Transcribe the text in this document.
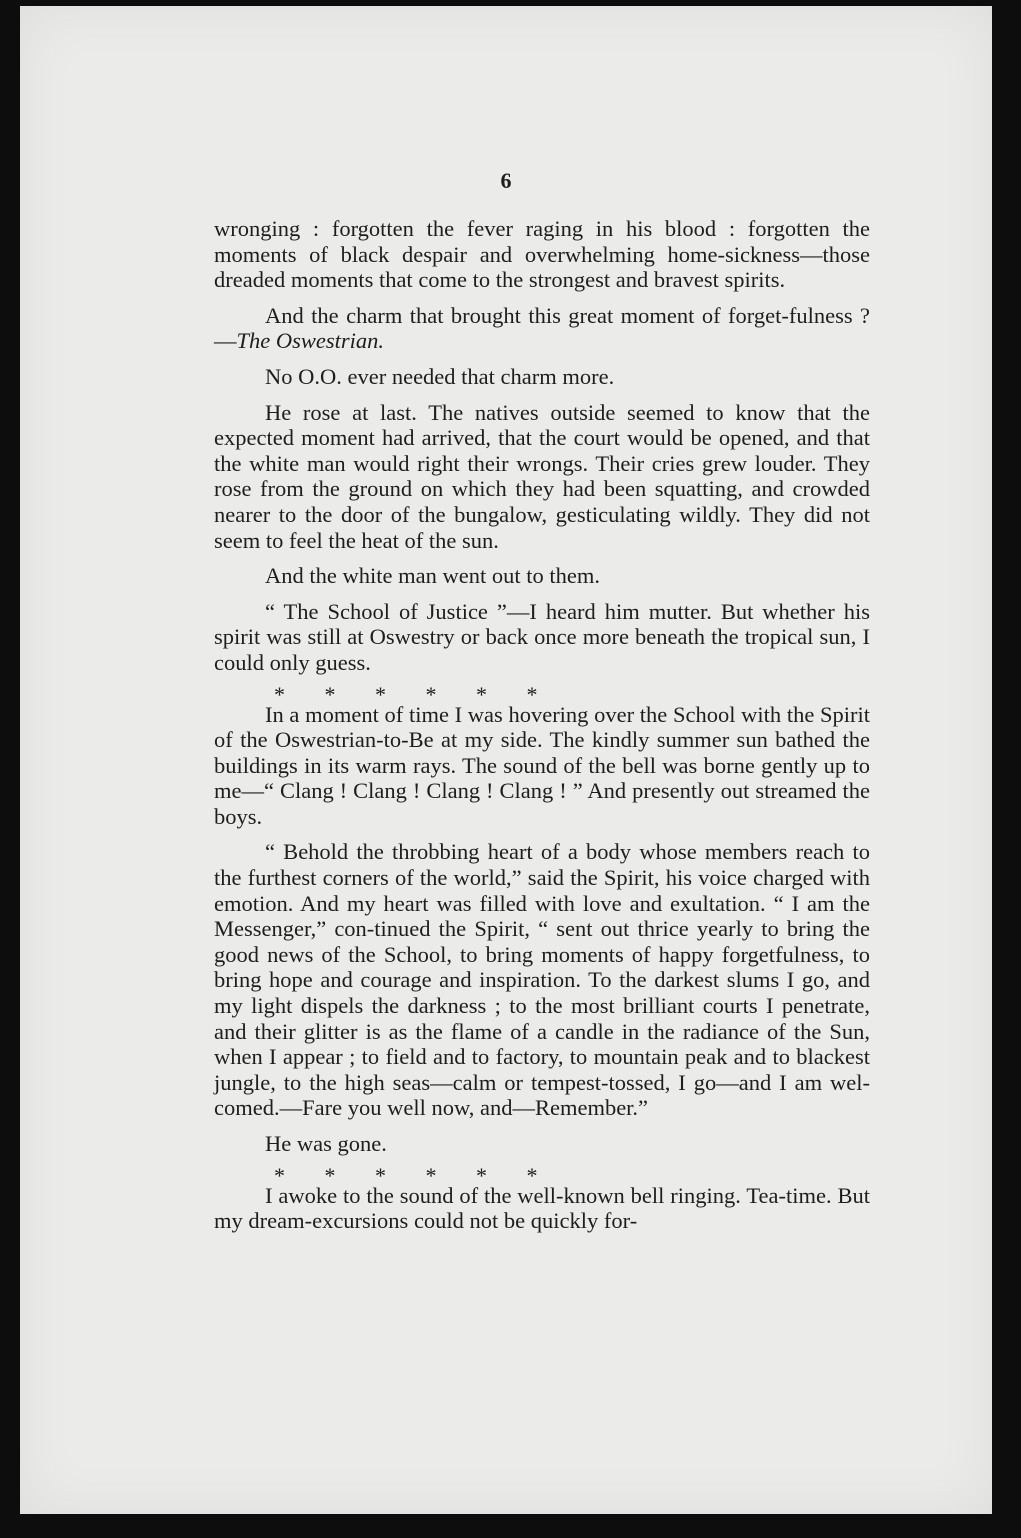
6

wronging : forgotten the fever raging in his blood : forgotten the moments of black despair and overwhelming home-sickness—those dreaded moments that come to the strongest and bravest spirits.

And the charm that brought this great moment of forget-fulness ?—The Oswestrian.

No O.O. ever needed that charm more.

He rose at last. The natives outside seemed to know that the expected moment had arrived, that the court would be opened, and that the white man would right their wrongs. Their cries grew louder. They rose from the ground on which they had been squatting, and crowded nearer to the door of the bungalow, gesticulating wildly. They did not seem to feel the heat of the sun.

And the white man went out to them.

“ The School of Justice ”—I heard him mutter. But whether his spirit was still at Oswestry or back once more beneath the tropical sun, I could only guess.

* * * * * *

In a moment of time I was hovering over the School with the Spirit of the Oswestrian-to-Be at my side. The kindly summer sun bathed the buildings in its warm rays. The sound of the bell was borne gently up to me—“ Clang ! Clang ! Clang ! Clang ! ” And presently out streamed the boys.

“ Behold the throbbing heart of a body whose members reach to the furthest corners of the world,” said the Spirit, his voice charged with emotion. And my heart was filled with love and exultation. “ I am the Messenger,” con-tinued the Spirit, “ sent out thrice yearly to bring the good news of the School, to bring moments of happy forgetfulness, to bring hope and courage and inspiration. To the darkest slums I go, and my light dispels the darkness ; to the most brilliant courts I penetrate, and their glitter is as the flame of a candle in the radiance of the Sun, when I appear ; to field and to factory, to mountain peak and to blackest jungle, to the high seas—calm or tempest-tossed, I go—and I am wel-comed.—Fare you well now, and—Remember.”

He was gone.

* * * * * *

I awoke to the sound of the well-known bell ringing. Tea-time. But my dream-excursions could not be quickly for-
